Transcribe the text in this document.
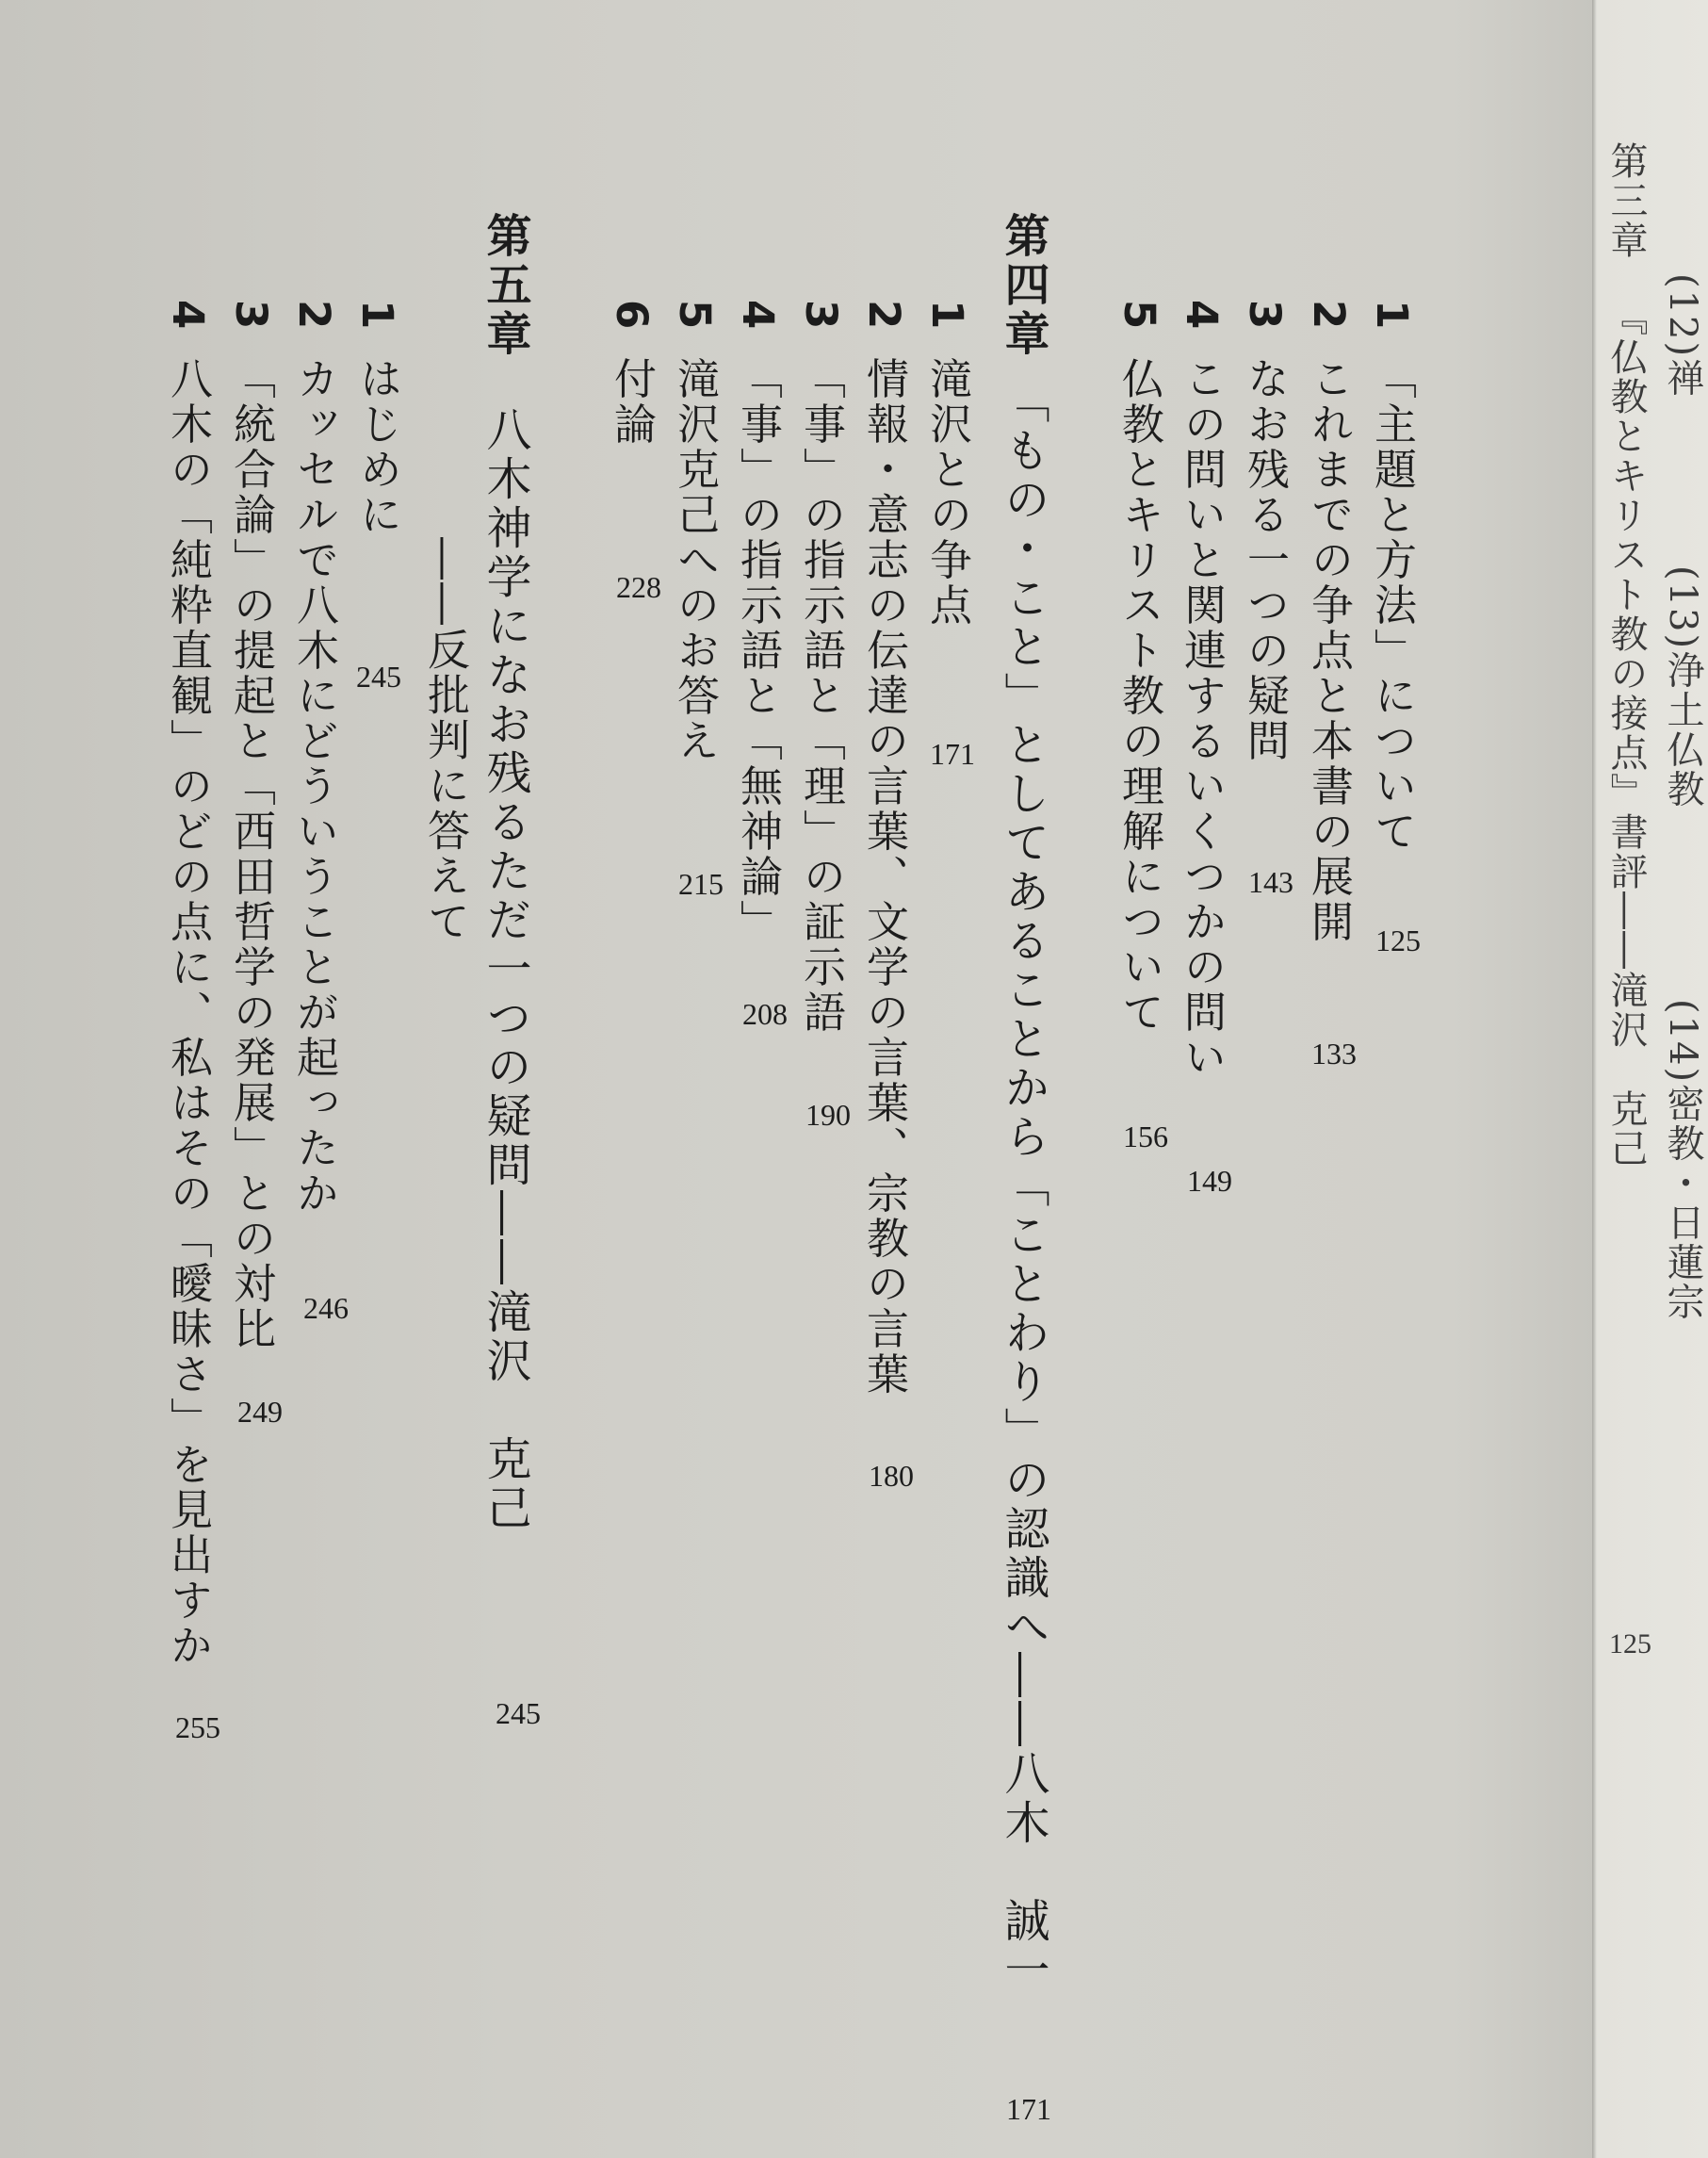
1「主題と方法」について
125
2これまでの争点と本書の展開
133
3なお残る一つの疑問
143
4この問いと関連するいくつかの問い
149
5仏教とキリスト教の理解について
156
第四章「もの・こと」としてあることから「ことわり」の認識へ――八木　誠一
171
1滝沢との争点
171
2情報・意志の伝達の言葉、文学の言葉、宗教の言葉
180
3「事」の指示語と「理」の証示語
190
4「事」の指示語と「無神論」
208
5滝沢克己へのお答え
215
6付論
228
第五章八木神学になお残るただ一つの疑問――滝沢　克己
245
――反批判に答えて
1はじめに
245
2カッセルで八木にどういうことが起ったか
246
3「統合論」の提起と「西田哲学の発展」との対比
249
4八木の「純粋直観」のどの点に、私はその「曖昧さ」を見出すか
255
第三章『仏教とキリスト教の接点』書評――滝沢　克己
125
(12)禅
(13)浄土仏教
(14)密教・日蓮宗
